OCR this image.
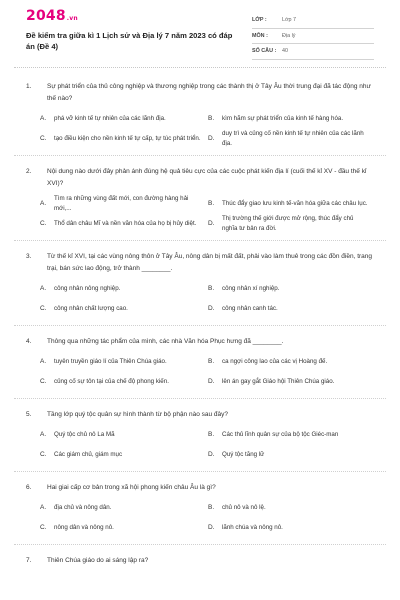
2048.vn
Đề kiểm tra giữa kì 1 Lịch sử và Địa lý 7 năm 2023 có đáp án (Đề 4)
LỚP :	Lớp 7
MÔN :	Địa lý
SỐ CÂU :	40
1. Sự phát triển của thủ công nghiệp và thương nghiệp trong các thành thị ở Tây Âu thời trung đại đã tác động như thế nào?
A.	phá vỡ kinh tế tự nhiên của các lãnh địa.	B.	kìm hãm sự phát triển của kinh tế hàng hóa.
C.	tạo điều kiện cho nền kinh tế tự cấp, tự túc phát triển.	D.
duy trì và củng cố nền kinh tế tự nhiên của các lãnh địa.
2. Nội dung nào dưới đây phản ánh đúng hệ quả tiêu cực của các cuộc phát kiến địa lí (cuối thế kỉ XV - đầu thế kỉ XVI)?
A.
Tìm ra những vùng đất mới, con đường hàng hải mới,...
B.	Thúc đẩy giao lưu kinh tế-văn hóa giữa các châu lục.
C.	Thổ dân châu Mĩ và nền văn hóa của họ bị hủy diệt.	D.
Thị trường thế giới được mở rộng, thúc đẩy chủ nghĩa tư bản ra đời.
3. Từ thế kỉ XVI, tại các vùng nông thôn ở Tây Âu, nông dân bị mất đất, phải vào làm thuê trong các đồn điền, trang trại, bán sức lao động, trở thành ________.
A.	công nhân nông nghiệp.	B.	công nhân xí nghiệp.
C.	công nhân chất lượng cao.	D.	công nhân canh tác.
4. Thông qua những tác phẩm của mình, các nhà Văn hóa Phục hưng đã ________.
A.	tuyên truyền giáo lí của Thiên Chúa giáo.	B.	ca ngợi công lao của các vị Hoàng đế.
C.	củng cố sự tôn tại của chế độ phong kiến.	D.	lên án gay gắt Giáo hội Thiên Chúa giáo.
5. Tầng lớp quý tộc quân sự hình thành từ bộ phận nào sau đây?
A.	Quý tộc chủ nô La Mã	B.	Các thủ lĩnh quân sự của bộ tộc Giéc-man
C.	Các giám chủ, giám mục	D.	Quý tộc tăng lữ
6. Hai giai cấp cơ bản trong xã hội phong kiến châu Âu là gì?
A.	địa chủ và nông dân.	B.	chủ nô và nô lệ.
C.	nông dân và nông nô.	D.	lãnh chúa và nông nô.
7. Thiên Chúa giáo do ai sáng lập ra?
